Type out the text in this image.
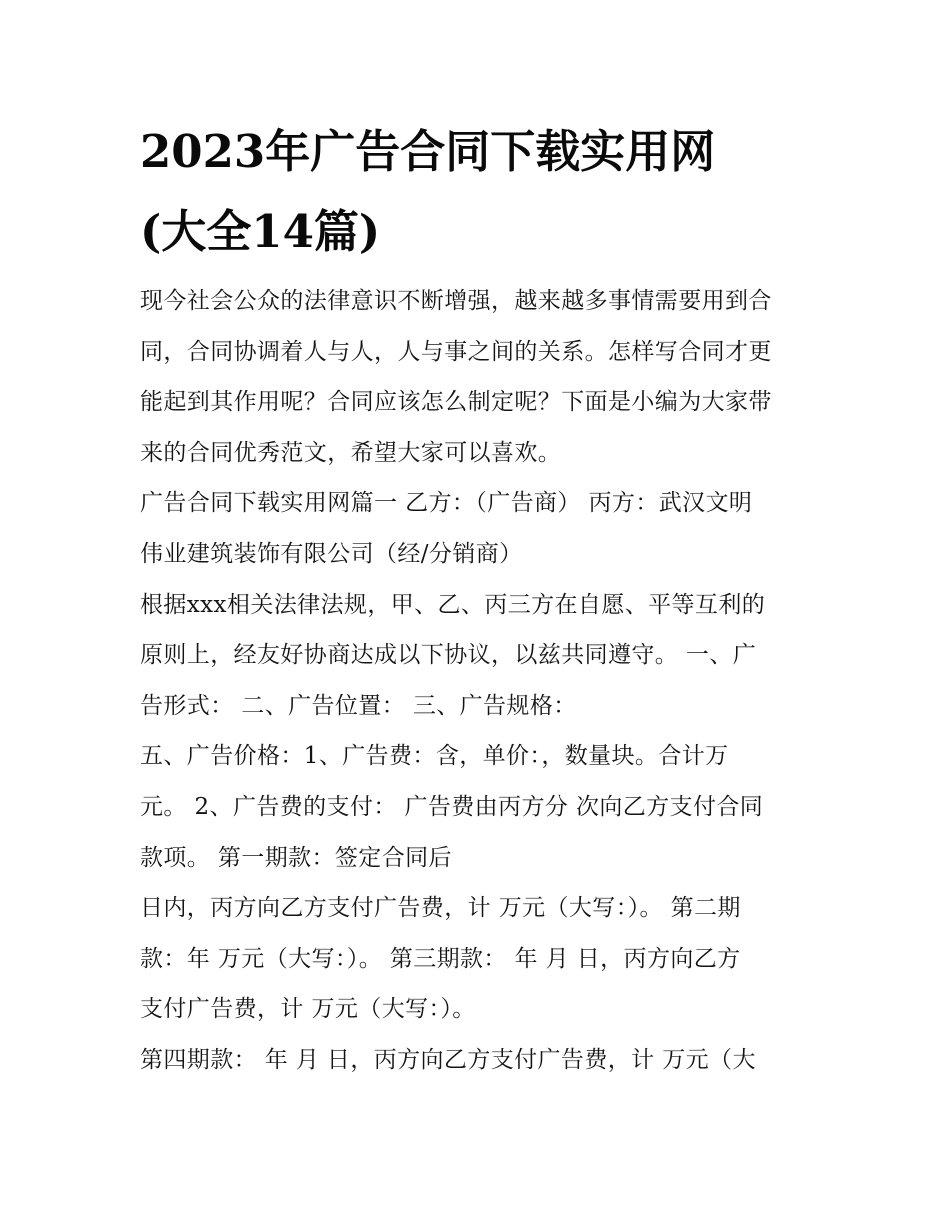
2023年广告合同下载实用网
(大全14篇)

现今社会公众的法律意识不断增强，越来越多事情需要用到合
同，合同协调着人与人，人与事之间的关系。怎样写合同才更
能起到其作用呢？合同应该怎么制定呢？下面是小编为大家带
来的合同优秀范文，希望大家可以喜欢。

广告合同下载实用网篇一 乙方：（广告商） 丙方：武汉文明
伟业建筑装饰有限公司（经/分销商）

根据xxx相关法律法规，甲、乙、丙三方在自愿、平等互利的
原则上，经友好协商达成以下协议，以兹共同遵守。 一、广
告形式： 二、广告位置： 三、广告规格：

五、广告价格：1、广告费：含，单价：，数量块。合计万
元。 2、广告费的支付： 广告费由丙方分 次向乙方支付合同
款项。 第一期款：签定合同后

日内，丙方向乙方支付广告费，计 万元（大写：）。 第二期
款：年 万元（大写：）。 第三期款： 年 月 日，丙方向乙方
支付广告费，计 万元（大写：）。

第四期款： 年 月 日，丙方向乙方支付广告费，计 万元（大
